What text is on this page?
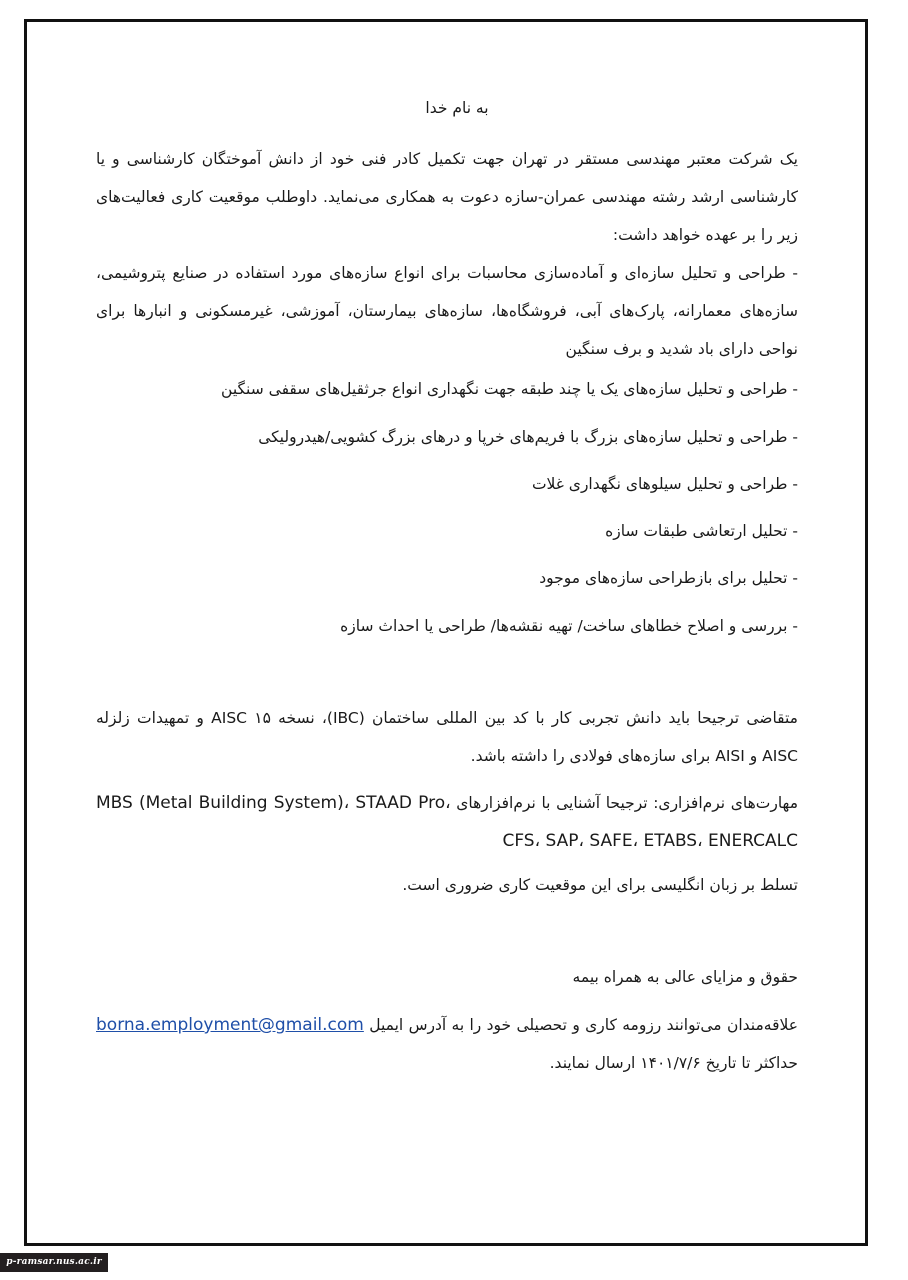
به نام خدا

یک شرکت معتبر مهندسی مستقر در تهران جهت تکمیل کادر فنی خود از دانش آموختگان کارشناسی و یا کارشناسی ارشد رشته مهندسی عمران-سازه دعوت به همکاری می‌نماید. داوطلب موقعیت کاری فعالیت‌های زیر را بر عهده خواهد داشت:

- طراحی و تحلیل سازه‌ای و آماده‌سازی محاسبات برای انواع سازه‌های مورد استفاده در صنایع پتروشیمی، سازه‌های معمارانه، پارک‌های آبی، فروشگاه‌ها، سازه‌های بیمارستان، آموزشی، غیرمسکونی و انبارها برای نواحی دارای باد شدید و برف سنگین

- طراحی و تحلیل سازه‌های یک یا چند طبقه جهت نگهداری انواع جرثقیل‌های سقفی سنگین

- طراحی و تحلیل سازه‌های بزرگ با فریم‌های خرپا و درهای بزرگ کشویی/هیدرولیکی

- طراحی و تحلیل سیلوهای نگهداری غلات

- تحلیل ارتعاشی طبقات سازه

- تحلیل برای بازطراحی سازه‌های موجود

- بررسی و اصلاح خطاهای ساخت/ تهیه نقشه‌ها/ طراحی یا احداث سازه

متقاضی ترجیحا باید دانش تجربی کار با کد بین المللی ساختمان (IBC)، نسخه ۱۵ AISC و تمهیدات زلزله AISC و AISI برای سازه‌های فولادی را داشته باشد.

مهارت‌های نرم‌افزاری: ترجیحا آشنایی با نرم‌افزارهای MBS (Metal Building System)، STAAD Pro، CFS، SAP، SAFE، ETABS، ENERCALC

تسلط بر زبان انگلیسی برای این موقعیت کاری ضروری است.

حقوق و مزایای عالی به همراه بیمه

علاقه‌مندان می‌توانند رزومه کاری و تحصیلی خود را به آدرس ایمیل borna.employment@gmail.com حداکثر تا تاریخ ۱۴۰۱/۷/۶ ارسال نمایند.

p-ramsar.nus.ac.ir
